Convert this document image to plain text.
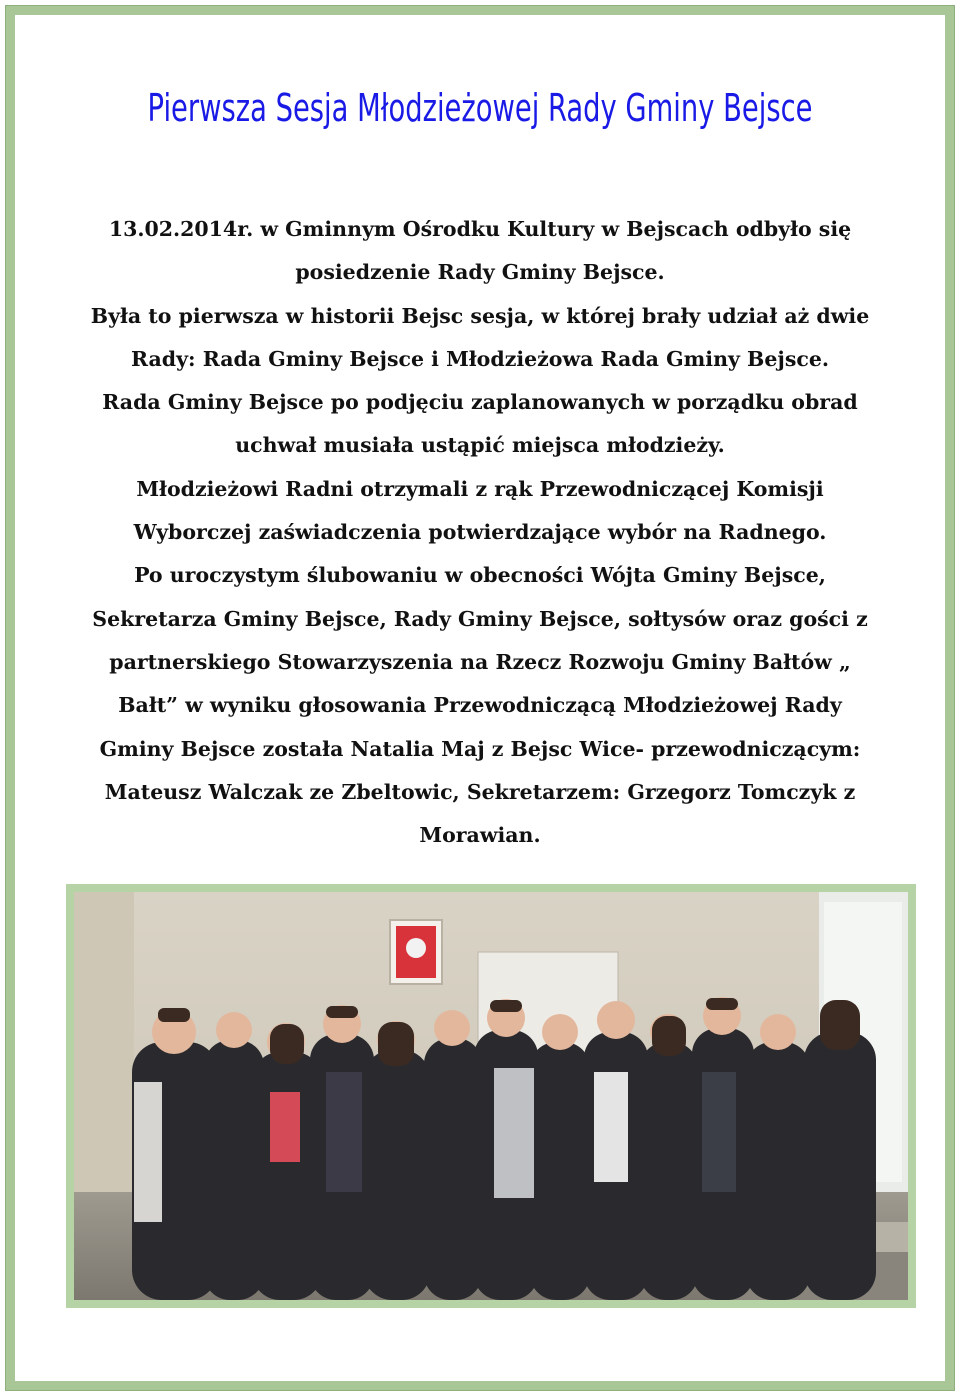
Pierwsza Sesja Młodzieżowej Rady Gminy Bejsce
13.02.2014r. w Gminnym Ośrodku Kultury w Bejscach odbyło się
posiedzenie Rady Gminy Bejsce.
Była to pierwsza w historii Bejsc sesja, w której brały udział aż dwie
Rady: Rada Gminy Bejsce i Młodzieżowa Rada Gminy Bejsce.
Rada Gminy Bejsce po podjęciu zaplanowanych w porządku obrad
uchwał musiała ustąpić miejsca młodzieży.
Młodzieżowi Radni otrzymali z rąk Przewodniczącej Komisji
Wyborczej zaświadczenia potwierdzające wybór na Radnego.
Po uroczystym ślubowaniu w obecności Wójta Gminy Bejsce,
Sekretarza Gminy Bejsce, Rady Gminy Bejsce, sołtysów oraz gości z
partnerskiego Stowarzyszenia na Rzecz Rozwoju Gminy Bałtów „
Bałt” w wyniku głosowania Przewodniczącą Młodzieżowej Rady
Gminy Bejsce została Natalia Maj z Bejsc Wice- przewodniczącym:
Mateusz Walczak ze Zbeltowic, Sekretarzem: Grzegorz Tomczyk z
Morawian.
